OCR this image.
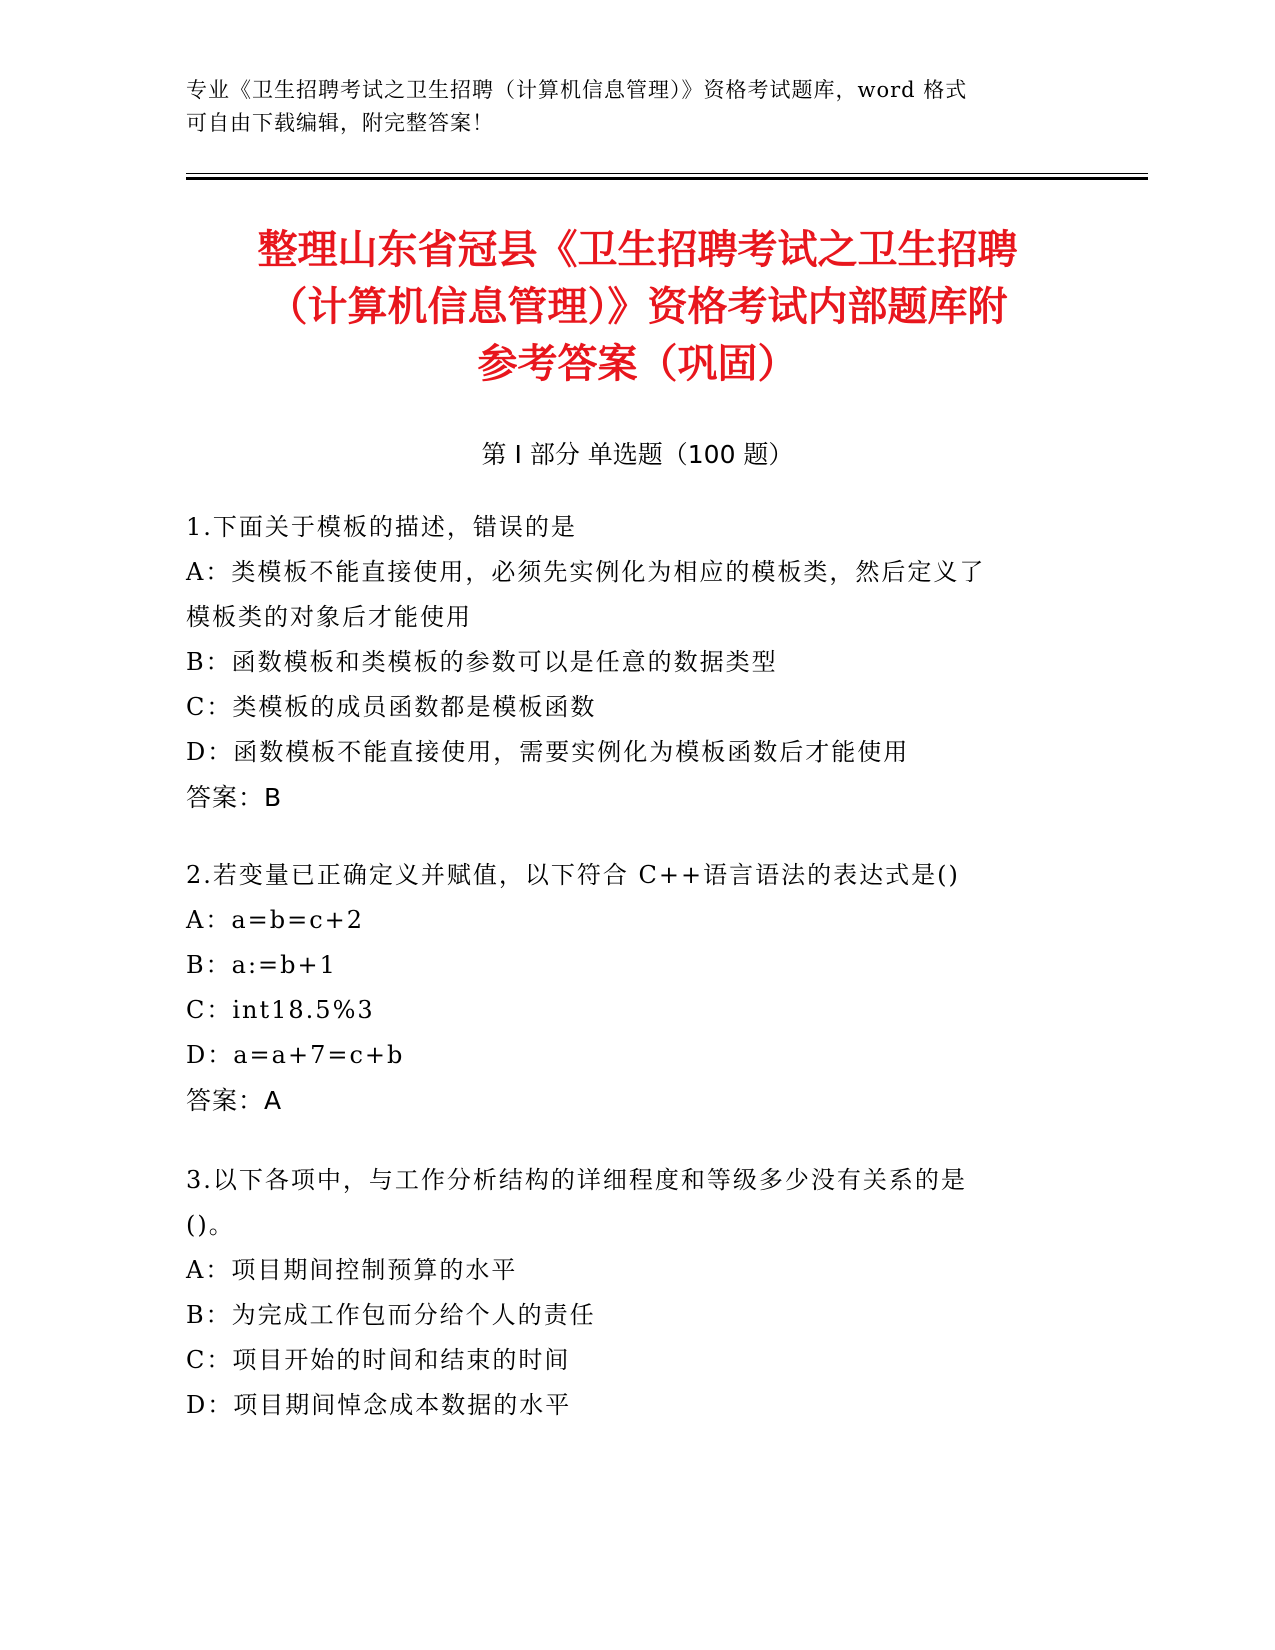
专业《卫生招聘考试之卫生招聘（计算机信息管理）》资格考试题库，word 格式
可自由下载编辑，附完整答案！
整理山东省冠县《卫生招聘考试之卫生招聘
（计算机信息管理）》资格考试内部题库附
参考答案（巩固）
第 I 部分 单选题（100 题）
1.下面关于模板的描述，错误的是
A：类模板不能直接使用，必须先实例化为相应的模板类，然后定义了
模板类的对象后才能使用
B：函数模板和类模板的参数可以是任意的数据类型
C：类模板的成员函数都是模板函数
D：函数模板不能直接使用，需要实例化为模板函数后才能使用
答案：B
2.若变量已正确定义并赋值，以下符合 C++语言语法的表达式是()
A：a=b=c+2
B：a:=b+1
C：int18.5%3
D：a=a+7=c+b
答案：A
3.以下各项中，与工作分析结构的详细程度和等级多少没有关系的是
()。
A：项目期间控制预算的水平
B：为完成工作包而分给个人的责任
C：项目开始的时间和结束的时间
D：项目期间悼念成本数据的水平
